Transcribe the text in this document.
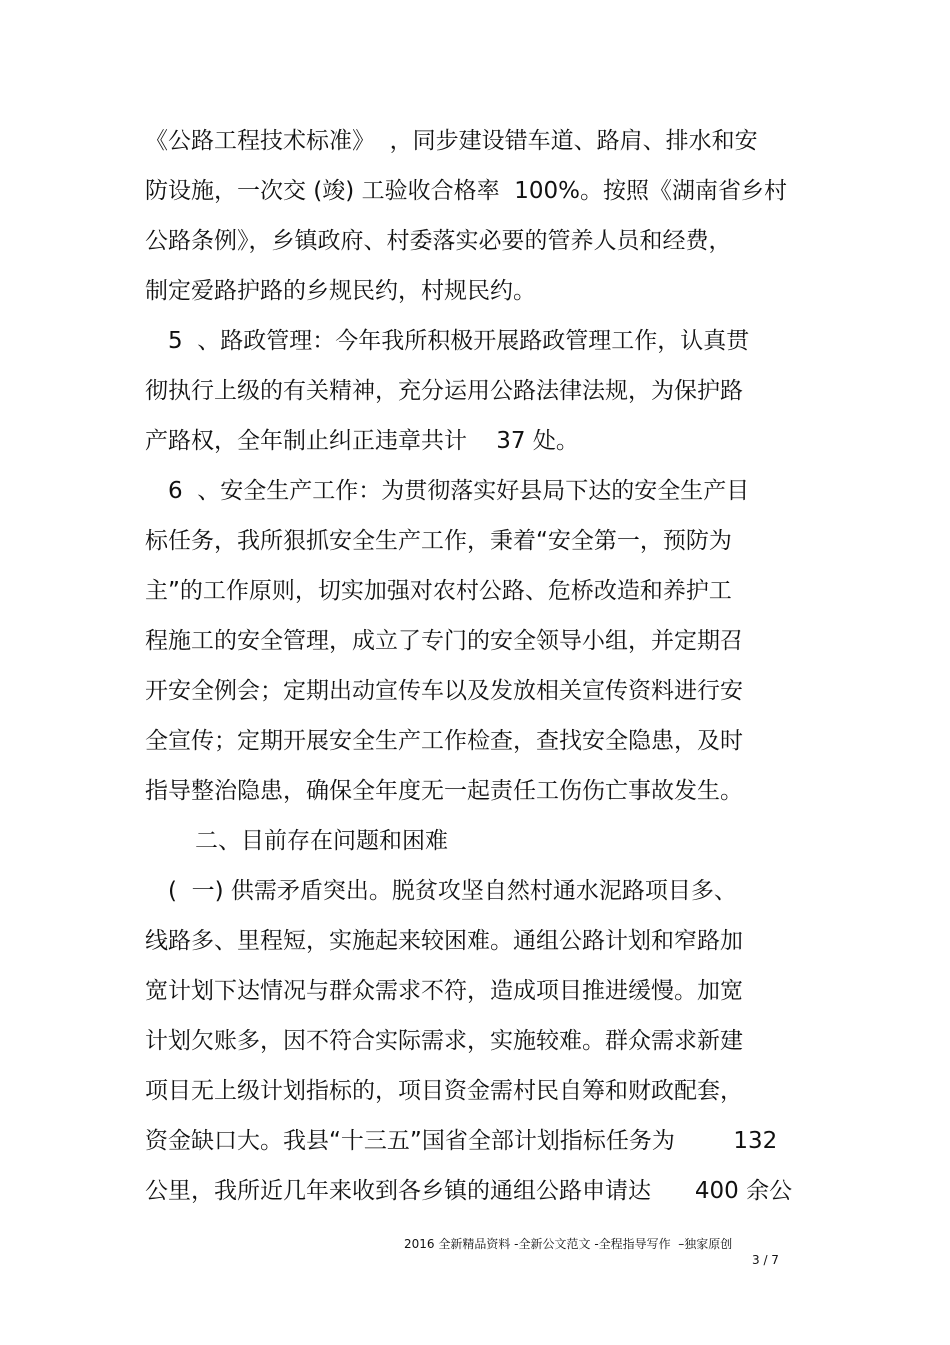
《公路工程技术标准》  ，同步建设错车道、路肩、排水和安
防设施，一次交 (竣) 工验收合格率  100%。按照《湖南省乡村
公路条例》，乡镇政府、村委落实必要的管养人员和经费，
制定爱路护路的乡规民约，村规民约。
5  、路政管理：今年我所积极开展路政管理工作，认真贯
彻执行上级的有关精神，充分运用公路法律法规，为保护路
产路权，全年制止纠正违章共计    37 处。
6  、安全生产工作：为贯彻落实好县局下达的安全生产目
标任务，我所狠抓安全生产工作，秉着“安全第一，预防为
主”的工作原则，切实加强对农村公路、危桥改造和养护工
程施工的安全管理，成立了专门的安全领导小组，并定期召
开安全例会；定期出动宣传车以及发放相关宣传资料进行安
全宣传；定期开展安全生产工作检查，查找安全隐患，及时
指导整治隐患，确保全年度无一起责任工伤伤亡事故发生。
二、目前存在问题和困难
(  一) 供需矛盾突出。脱贫攻坚自然村通水泥路项目多、
线路多、里程短，实施起来较困难。通组公路计划和窄路加
宽计划下达情况与群众需求不符，造成项目推进缓慢。加宽
计划欠账多，因不符合实际需求，实施较难。群众需求新建
项目无上级计划指标的，项目资金需村民自筹和财政配套，
资金缺口大。我县“十三五”国省全部计划指标任务为        132
公里，我所近几年来收到各乡镇的通组公路申请达      400 余公
2016 全新精品资料 -全新公文范文 -全程指导写作  –独家原创
3 / 7
